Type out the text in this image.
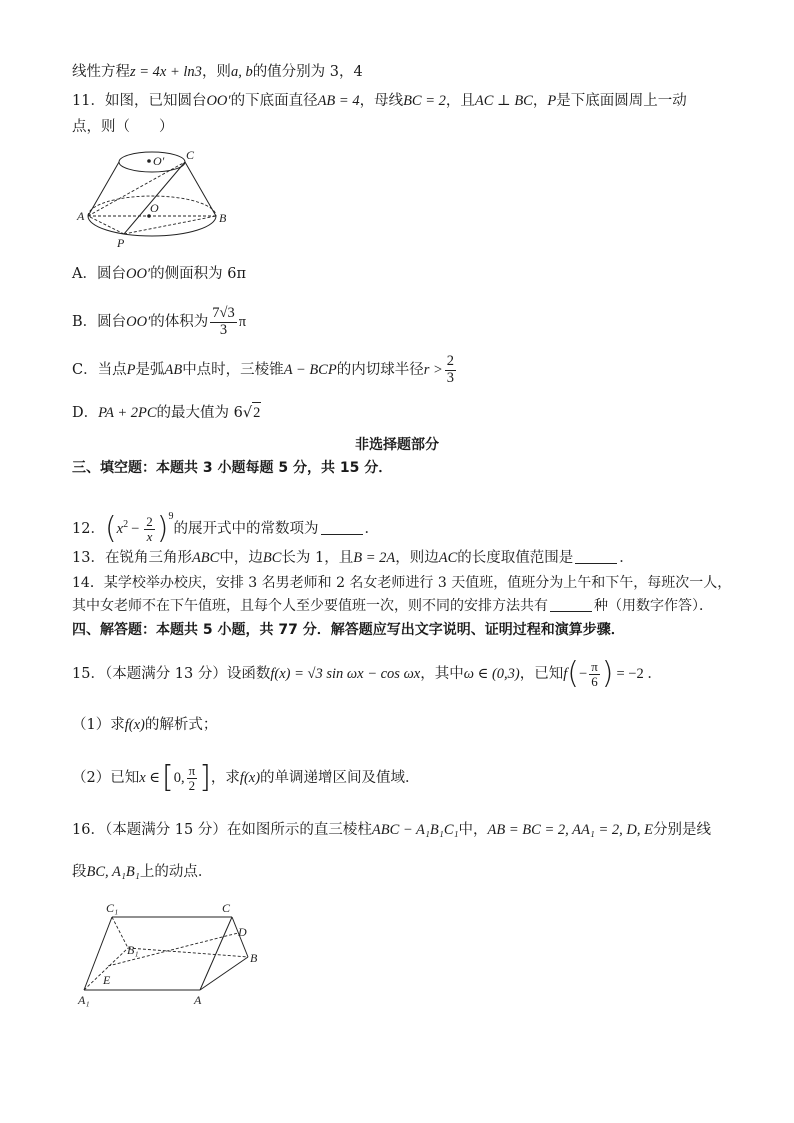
线性方程z = 4x + ln3，则a, b的值分别为 3，4
11．如图，已知圆台OO′的下底面直径AB = 4，母线BC = 2，且AC ⊥ BC，P是下底面圆周上一动
点，则（　　）
O′ C
A
O
B
P
A．圆台OO′的侧面积为 6π
B．圆台OO′的体积为 $\frac{7√3}{3}$ π
C．当点P是弧AB中点时，三棱锥A − BCP的内切球半径$r > \frac{2}{3}$
D．PA + 2PC的最大值为 6√2
非选择题部分
三、填空题：本题共 3 小题每题 5 分，共 15 分．
12．$(x^2 - \frac{2}{x} )^9$的展开式中的常数项为	．
13．在锐角三角形ABC中，边BC长为 1，且B = 2A，则边AC的长度取值范围是	．
14．某学校举办校庆，安排 3 名男老师和 2 名女老师进行 3 天值班，值班分为上午和下午，每班次一人，
其中女老师不在下午值班，且每个人至少要值班一次，则不同的安排方法共有	种（用数字作答）．
四、解答题：本题共 5 小题，共 77 分．解答题应写出文字说明、证明过程和演算步骤．
15．（本题满分 13 分）设函数f(x) = √3 sin ωx − cos ωx，其中ω ∈ (0,3)，已知$f(- \frac{\pi}{6}$ ) = −2 ．
（1）求f(x)的解析式；
（2）已知x ∈[0, $\frac{\pi}{2}$ ]，求f(x)的单调递增区间及值域．
16．（本题满分 15 分）在如图所示的直三棱柱ABC − A₁B₁C₁中，AB = BC = 2, AA₁ = 2, D, E分别是线
段BC, A₁B₁上的动点．
C₁	C
B₁
D
B
E
A₁	A
